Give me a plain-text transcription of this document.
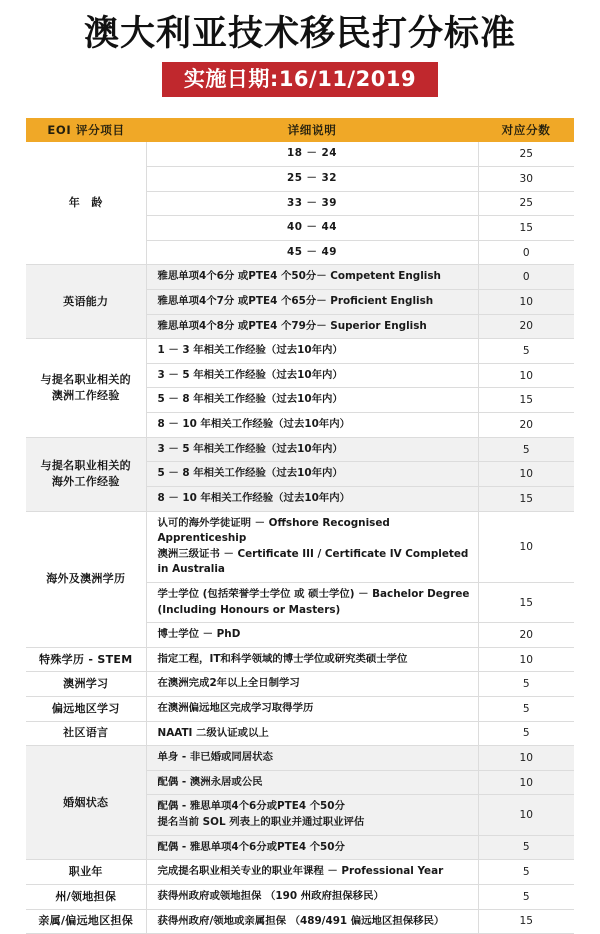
澳大利亚技术移民打分标准
实施日期:16/11/2019
EOI 评分项目	详细说明	对应分数
年　龄	18 － 24	25
	25 － 32	30
	33 － 39	25
	40 － 44	15
	45 － 49	0
英语能力	雅思单项4个6分 或PTE4 个50分－ Competent English	0
	雅思单项4个7分 或PTE4 个65分－ Proficient English	10
	雅思单项4个8分 或PTE4 个79分－ Superior English	20

与提名职业相关的
澳洲工作经验	1 － 3 年相关工作经验（过去10年内）	5
	3 － 5 年相关工作经验（过去10年内）	10
	5 － 8 年相关工作经验（过去10年内）	15
	8 － 10 年相关工作经验（过去10年内）	20

与提名职业相关的
海外工作经验	3 － 5 年相关工作经验（过去10年内）	5
	5 － 8 年相关工作经验（过去10年内）	10
	8 － 10 年相关工作经验（过去10年内）	15
海外及澳洲学历	认可的海外学徒证明 － Offshore Recognised Apprenticeship
澳洲三级证书 － Certificate III / Certificate IV Completed in Australia	10

	学士学位 (包括荣誉学士学位 或 硕士学位) － Bachelor Degree
(Including Honours or Masters)	15
	博士学位 － PhD	20
特殊学历 - STEM	指定工程，IT和科学领域的博士学位或研究类硕士学位	10
澳洲学习	在澳洲完成2年以上全日制学习	5
偏远地区学习	在澳洲偏远地区完成学习取得学历	5
社区语言	NAATI 二级认证或以上	5
婚姻状态	单身 - 非已婚或同居状态	10
	配偶 - 澳洲永居或公民	10

	配偶 - 雅思单项4个6分或PTE4 个50分
提名当前 SOL 列表上的职业并通过职业评估	10
	配偶 - 雅思单项4个6分或PTE4 个50分	5
职业年	完成提名职业相关专业的职业年课程 － Professional Year	5
州/领地担保	获得州政府或领地担保 （190 州政府担保移民）	5
亲属/偏远地区担保	获得州政府/领地或亲属担保 （489/491 偏远地区担保移民）	15
